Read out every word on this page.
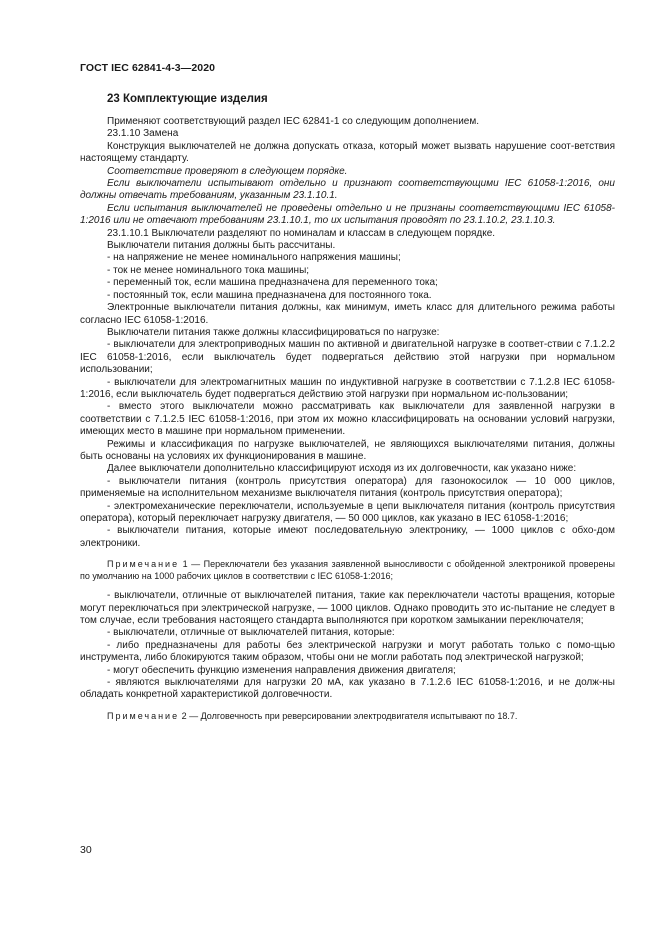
ГОСТ IEC 62841-4-3—2020
23 Комплектующие изделия

Применяют соответствующий раздел IEC 62841-1 со следующим дополнением.

23.1.10 Замена

Конструкция выключателей не должна допускать отказа, который может вызвать нарушение соот-ветствия настоящему стандарту.

Соответствие проверяют в следующем порядке.

Если выключатели испытывают отдельно и признают соответствующими IEC 61058-1:2016, они должны отвечать требованиям, указанным 23.1.10.1.

Если испытания выключателей не проведены отдельно и не признаны соответствующими IEC 61058-1:2016 или не отвечают требованиям 23.1.10.1, то их испытания проводят по 23.1.10.2, 23.1.10.3.

23.1.10.1 Выключатели разделяют по номиналам и классам в следующем порядке.

Выключатели питания должны быть рассчитаны.

- на напряжение не менее номинального напряжения машины;

- ток не менее номинального тока машины;

- переменный ток, если машина предназначена для переменного тока;

- постоянный ток, если машина предназначена для постоянного тока.

Электронные выключатели питания должны, как минимум, иметь класс для длительного режима работы согласно IEC 61058-1:2016.

Выключатели питания также должны классифицироваться по нагрузке:

- выключатели для электроприводных машин по активной и двигательной нагрузке в соответ-ствии с 7.1.2.2 IEC 61058-1:2016, если выключатель будет подвергаться действию этой нагрузки при нормальном использовании;

- выключатели для электромагнитных машин по индуктивной нагрузке в соответствии с 7.1.2.8 IEC 61058-1:2016, если выключатель будет подвергаться действию этой нагрузки при нормальном ис-пользовании;

- вместо этого выключатели можно рассматривать как выключатели для заявленной нагрузки в соответствии с 7.1.2.5 IEC 61058-1:2016, при этом их можно классифицировать на основании условий нагрузки, имеющих место в машине при нормальном применении.

Режимы и классификация по нагрузке выключателей, не являющихся выключателями питания, должны быть основаны на условиях их функционирования в машине.

Далее выключатели дополнительно классифицируют исходя из их долговечности, как указано ниже:

- выключатели питания (контроль присутствия оператора) для газонокосилок — 10 000 циклов, применяемые на исполнительном механизме выключателя питания (контроль присутствия оператора);

- электромеханические переключатели, используемые в цепи выключателя питания (контроль присутствия оператора), который переключает нагрузку двигателя, — 50 000 циклов, как указано в IEC 61058-1:2016;

- выключатели питания, которые имеют последовательную электронику, — 1000 циклов с обхо-дом электроники.

Примечание 1 — Переключатели без указания заявленной выносливости с обойденной электроникой проверены по умолчанию на 1000 рабочих циклов в соответствии с IEC 61058-1:2016;

- выключатели, отличные от выключателей питания, такие как переключатели частоты вращения, которые могут переключаться при электрической нагрузке, — 1000 циклов. Однако проводить это ис-пытание не следует в том случае, если требования настоящего стандарта выполняются при коротком замыкании переключателя;

- выключатели, отличные от выключателей питания, которые:

- либо предназначены для работы без электрической нагрузки и могут работать только с помо-щью инструмента, либо блокируются таким образом, чтобы они не могли работать под электрической нагрузкой;

- могут обеспечить функцию изменения направления движения двигателя;

- являются выключателями для нагрузки 20 мА, как указано в 7.1.2.6 IEC 61058-1:2016, и не долж-ны обладать конкретной характеристикой долговечности.

Примечание 2 — Долговечность при реверсировании электродвигателя испытывают по 18.7.

30
